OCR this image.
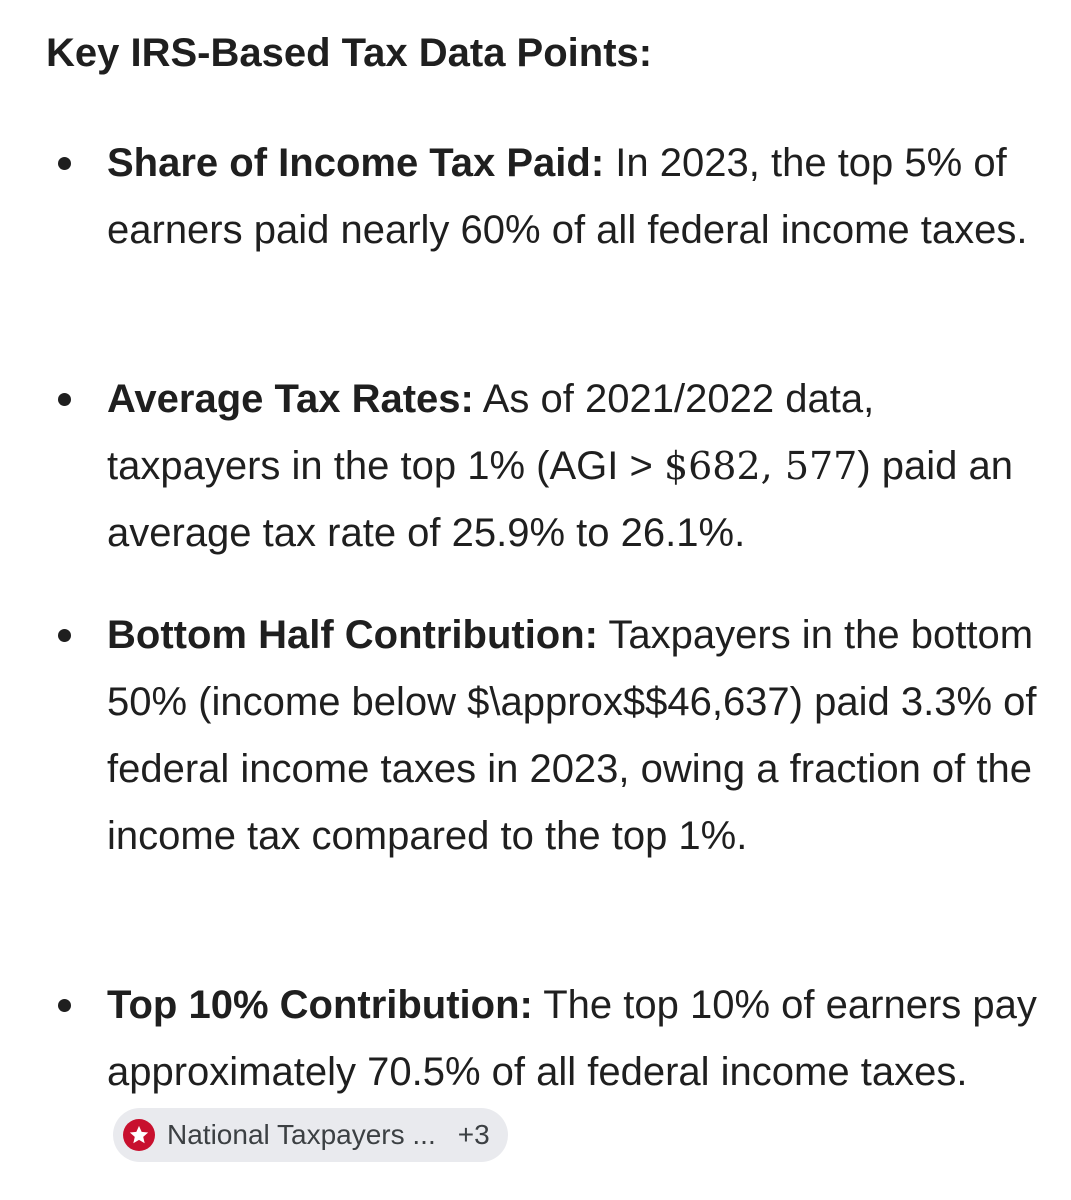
Key IRS-Based Tax Data Points:
Share of Income Tax Paid: In 2023, the top 5% of earners paid nearly 60% of all federal income taxes.
Average Tax Rates: As of 2021/2022 data, taxpayers in the top 1% (AGI > $682, 577) paid an average tax rate of 25.9% to 26.1%.
Bottom Half Contribution: Taxpayers in the bottom 50% (income below $\approx$$46,637) paid 3.3% of federal income taxes in 2023, owing a fraction of the income tax compared to the top 1%.
Top 10% Contribution: The top 10% of earners pay approximately 70.5% of all federal income taxes.
National Taxpayers ... +3
